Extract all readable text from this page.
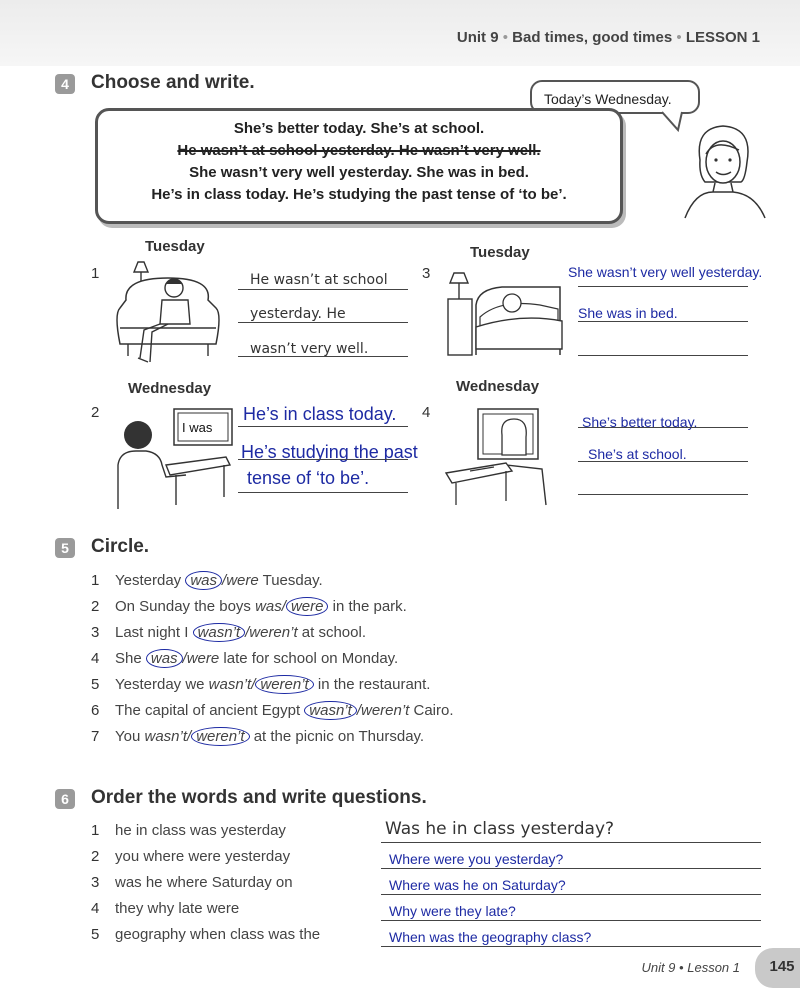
Unit 9 • Bad times, good times • LESSON 1
4	Choose and write.
Today’s Wednesday.
She’s better today. She’s at school.
He wasn’t at school yesterday. He wasn’t very well.
She wasn’t very well yesterday. She was in bed.
He’s in class today. He’s studying the past tense of ‘to be’.
1
Tuesday
He wasn’t at school
yesterday. He
wasn’t very well.
3
Tuesday
She wasn’t very well yesterday.
She was in bed.
2
Wednesday
I was
He’s in class today.
He’s studying the past
tense of ‘to be’.
4
Wednesday
She’s better today.
She’s at school.
5	Circle.
1 Yesterday was /were Tuesday.
2 On Sunday the boys was/ were in the park.
3 Last night I wasn’t /weren’t at school.
4 She was /were late for school on Monday.
5 Yesterday we wasn’t/ weren’t in the restaurant.
6 The capital of ancient Egypt wasn’t /weren’t Cairo.
7 You wasn’t/ weren’t at the picnic on Thursday.
6	Order the words and write questions.
1 he in class was yesterday	Was he in class yesterday?
2 you where were yesterday	Where were you yesterday?
3 was he where Saturday on	Where was he on Saturday?
4 they why late were	Why were they late?
5 geography when class was the	When was the geography class?
Unit 9 • Lesson 1	145
